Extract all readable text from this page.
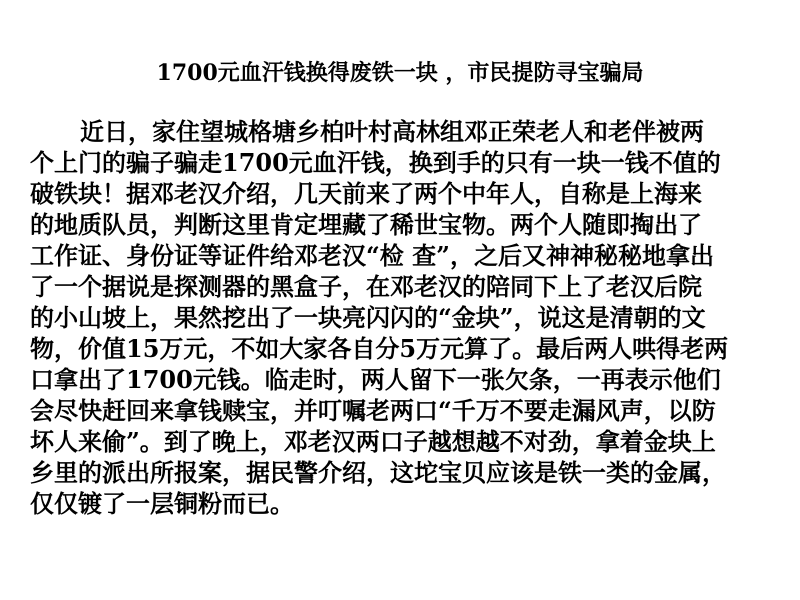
1700元血汗钱换得废铁一块 ，市民提防寻宝骗局
近日，家住望城格塘乡柏叶村高林组邓正荣老人和老伴被两
个上门的骗子骗走1700元血汗钱，换到手的只有一块一钱不值的
破铁块！据邓老汉介绍，几天前来了两个中年人，自称是上海来
的地质队员，判断这里肯定埋藏了稀世宝物。两个人随即掏出了
工作证、身份证等证件给邓老汉“检 查”，之后又神神秘秘地拿出
了一个据说是探测器的黑盒子，在邓老汉的陪同下上了老汉后院
的小山坡上，果然挖出了一块亮闪闪的“金块”，说这是清朝的文
物，价值15万元，不如大家各自分5万元算了。最后两人哄得老两
口拿出了1700元钱。临走时，两人留下一张欠条，一再表示他们
会尽快赶回来拿钱赎宝，并叮嘱老两口“千万不要走漏风声，以防
坏人来偷”。到了晚上，邓老汉两口子越想越不对劲，拿着金块上
乡里的派出所报案，据民警介绍，这坨宝贝应该是铁一类的金属，
仅仅镀了一层铜粉而已。
